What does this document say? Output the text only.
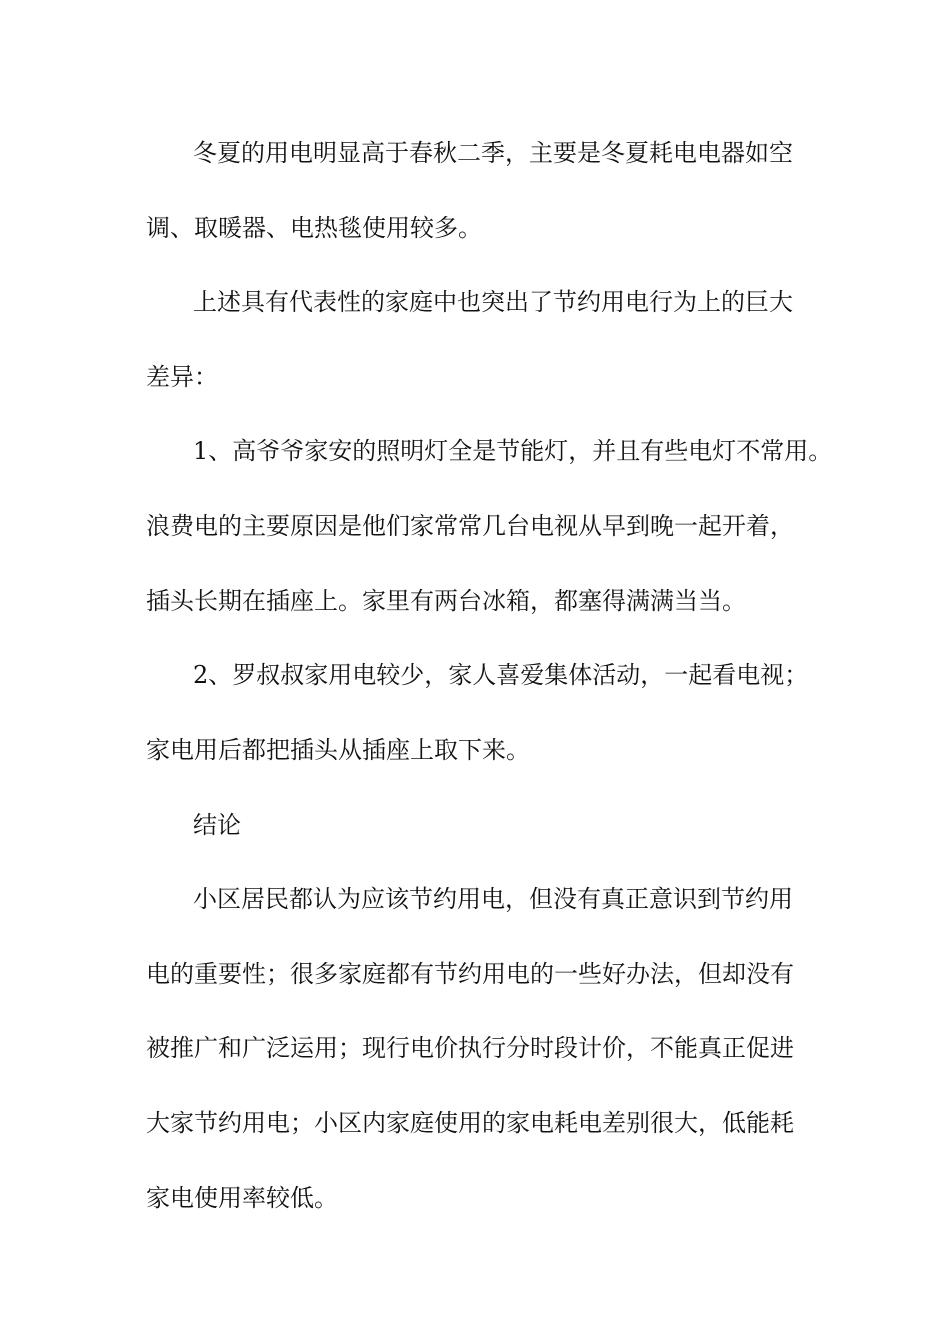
冬夏的用电明显高于春秋二季，主要是冬夏耗电电器如空

调、取暖器、电热毯使用较多。

上述具有代表性的家庭中也突出了节约用电行为上的巨大

差异：

1、高爷爷家安的照明灯全是节能灯，并且有些电灯不常用。

浪费电的主要原因是他们家常常几台电视从早到晚一起开着，

插头长期在插座上。家里有两台冰箱，都塞得满满当当。

2、罗叔叔家用电较少，家人喜爱集体活动，一起看电视；

家电用后都把插头从插座上取下来。

结论

小区居民都认为应该节约用电，但没有真正意识到节约用

电的重要性；很多家庭都有节约用电的一些好办法，但却没有

被推广和广泛运用；现行电价执行分时段计价，不能真正促进

大家节约用电；小区内家庭使用的家电耗电差别很大，低能耗

家电使用率较低。
